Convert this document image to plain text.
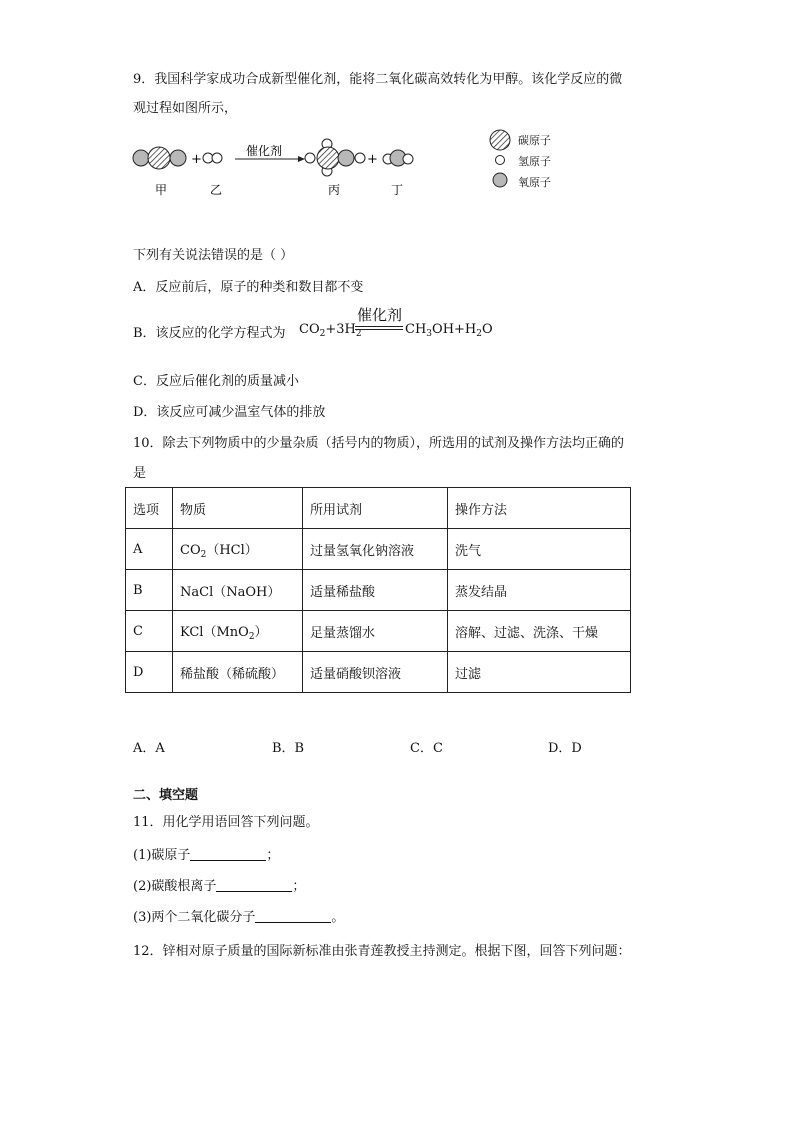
9．我国科学家成功合成新型催化剂，能将二氧化碳高效转化为甲醇。该化学反应的微
观过程如图所示，
+
催化剂
+
甲	乙	丙	丁
碳原子
氢原子
氧原子
下列有关说法错误的是（ ）
A．反应前后，原子的种类和数目都不变
B．该反应的化学方程式为
催化剂
$CO_2+3H_2$	$CH_3OH+H_2O$
C．反应后催化剂的质量减小
D．该反应可减少温室气体的排放
10．除去下列物质中的少量杂质（括号内的物质），所选用的试剂及操作方法均正确的
是
选项	物质	所用试剂	操作方法
A	$CO_2(HCl)$	过量氢氧化钠溶液	洗气
B	NaCl（NaOH）	适量稀盐酸	蒸发结晶
C	KCl（MnO$_2$）	足量蒸馏水	溶解、过滤、洗涤、干燥
D	稀盐酸（稀硫酸）	适量硝酸钡溶液	过滤
A．A	B．B	C．C	D．D
二、填空题
11．用化学用语回答下列问题。
(1)碳原子	；
(2)碳酸根离子	；
(3)两个二氧化碳分子	。
12．锌相对原子质量的国际新标准由张青莲教授主持测定。根据下图，回答下列问题：
